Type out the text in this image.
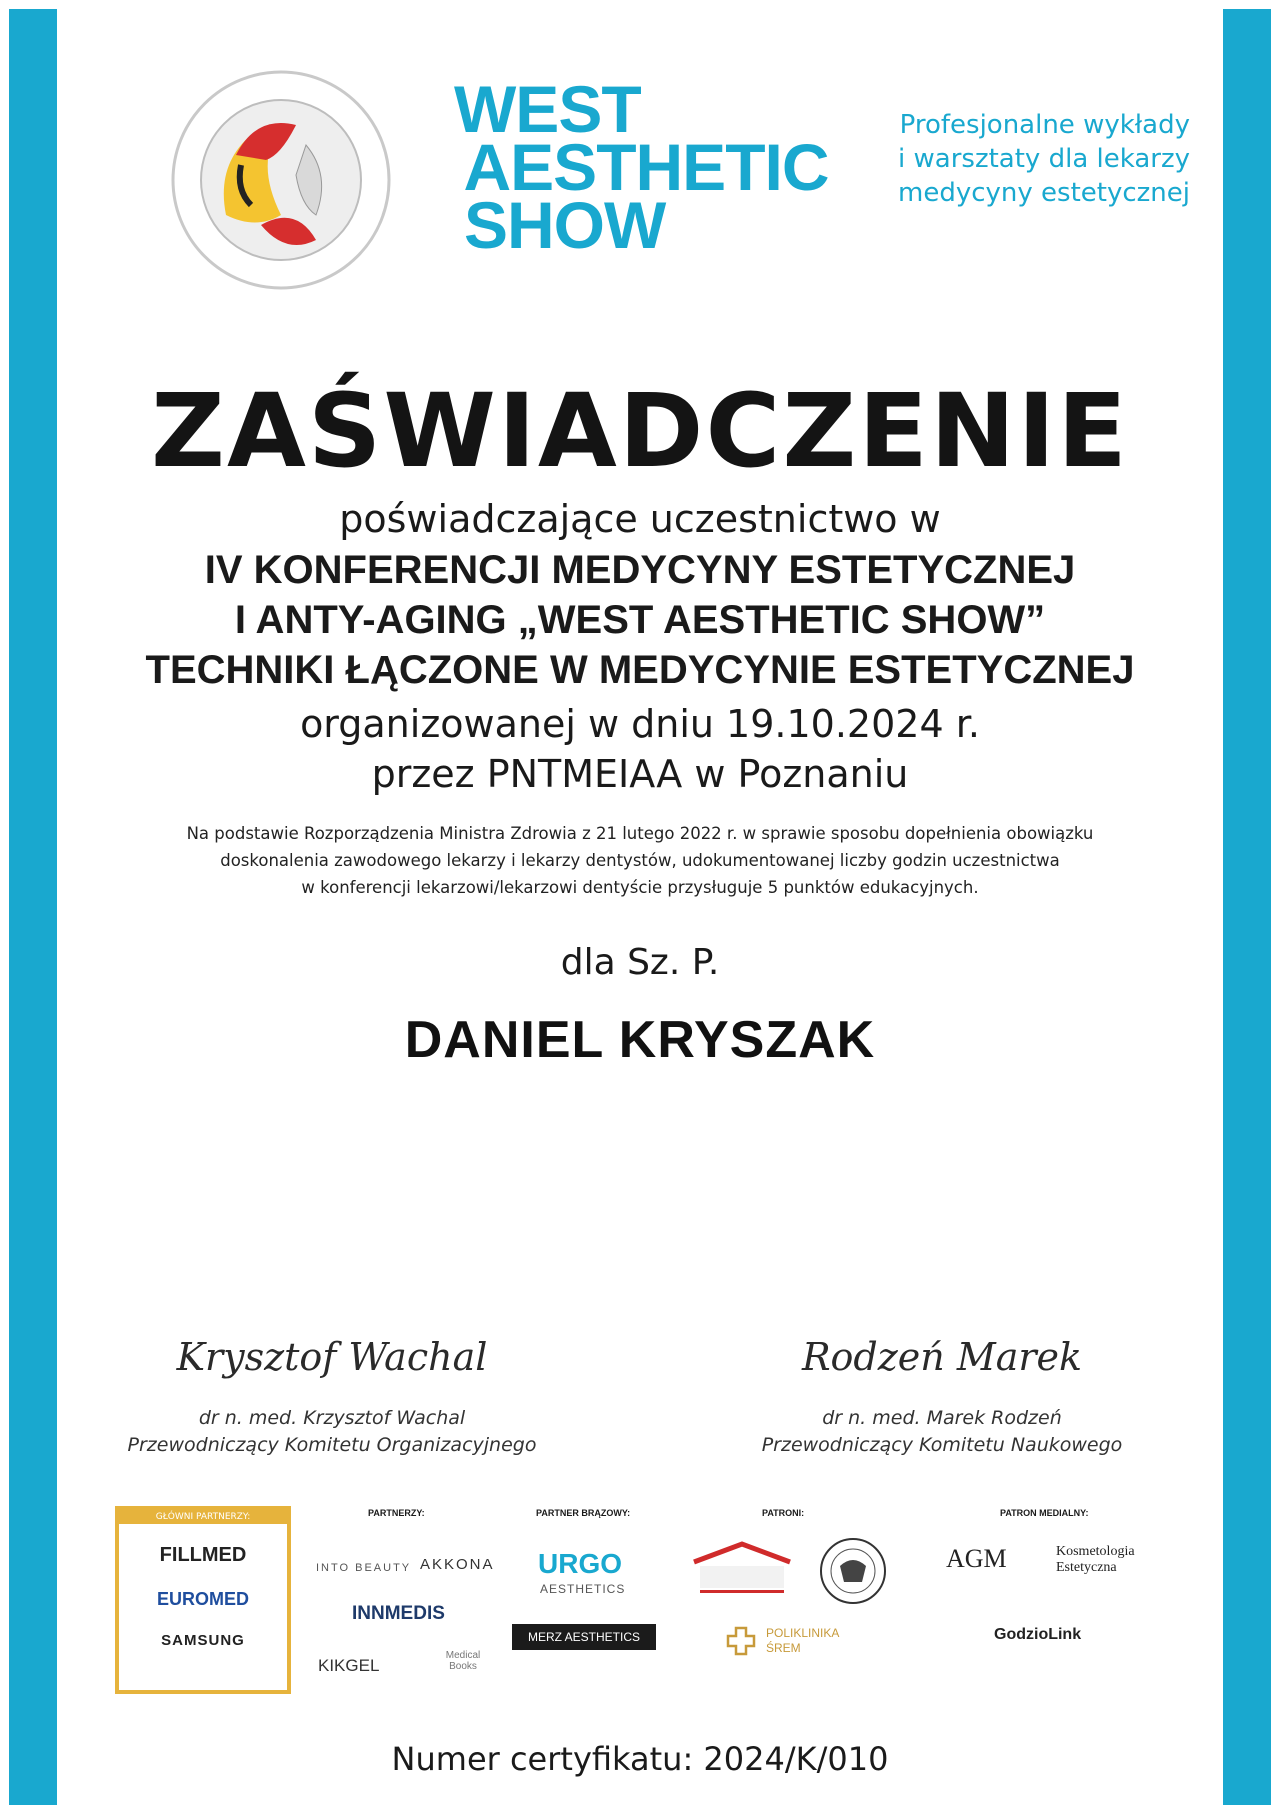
WEST
AESTHETIC
SHOW
Profesjonalne wykłady
i warsztaty dla lekarzy
medycyny estetycznej
ZAŚWIADCZENIE
poświadczające uczestnictwo w
IV KONFERENCJI MEDYCYNY ESTETYCZNEJ
I ANTY-AGING „WEST AESTHETIC SHOW”
TECHNIKI ŁĄCZONE W MEDYCYNIE ESTETYCZNEJ
organizowanej w dniu 19.10.2024 r.
przez PNTMEIAA w Poznaniu
Na podstawie Rozporządzenia Ministra Zdrowia z 21 lutego 2022 r. w sprawie sposobu dopełnienia obowiązku
doskonalenia zawodowego lekarzy i lekarzy dentystów, udokumentowanej liczby godzin uczestnictwa
w konferencji lekarzowi/lekarzowi dentyście przysługuje 5 punktów edukacyjnych.
dla Sz. P.
DANIEL KRYSZAK
Krysztof Wachal
dr n. med. Krzysztof Wachal
Przewodniczący Komitetu Organizacyjnego
Rodzeń Marek
dr n. med. Marek Rodzeń
Przewodniczący Komitetu Naukowego
GŁÓWNI PARTNERZY:
FILLMED
EUROMED
SAMSUNG
PARTNERZY:
INTO BEAUTY AKKONA
INNMEDIS
KIKGEL
Medical Books
PARTNER BRĄZOWY:
URGO
AESTHETICS
MERZ AESTHETICS
PATRONI:
POLIKLINIKA
ŚREM
PATRON MEDIALNY:
AGM	Kosmetologia Estetyczna
GodzioLink
Numer certyfikatu: 2024/K/010
